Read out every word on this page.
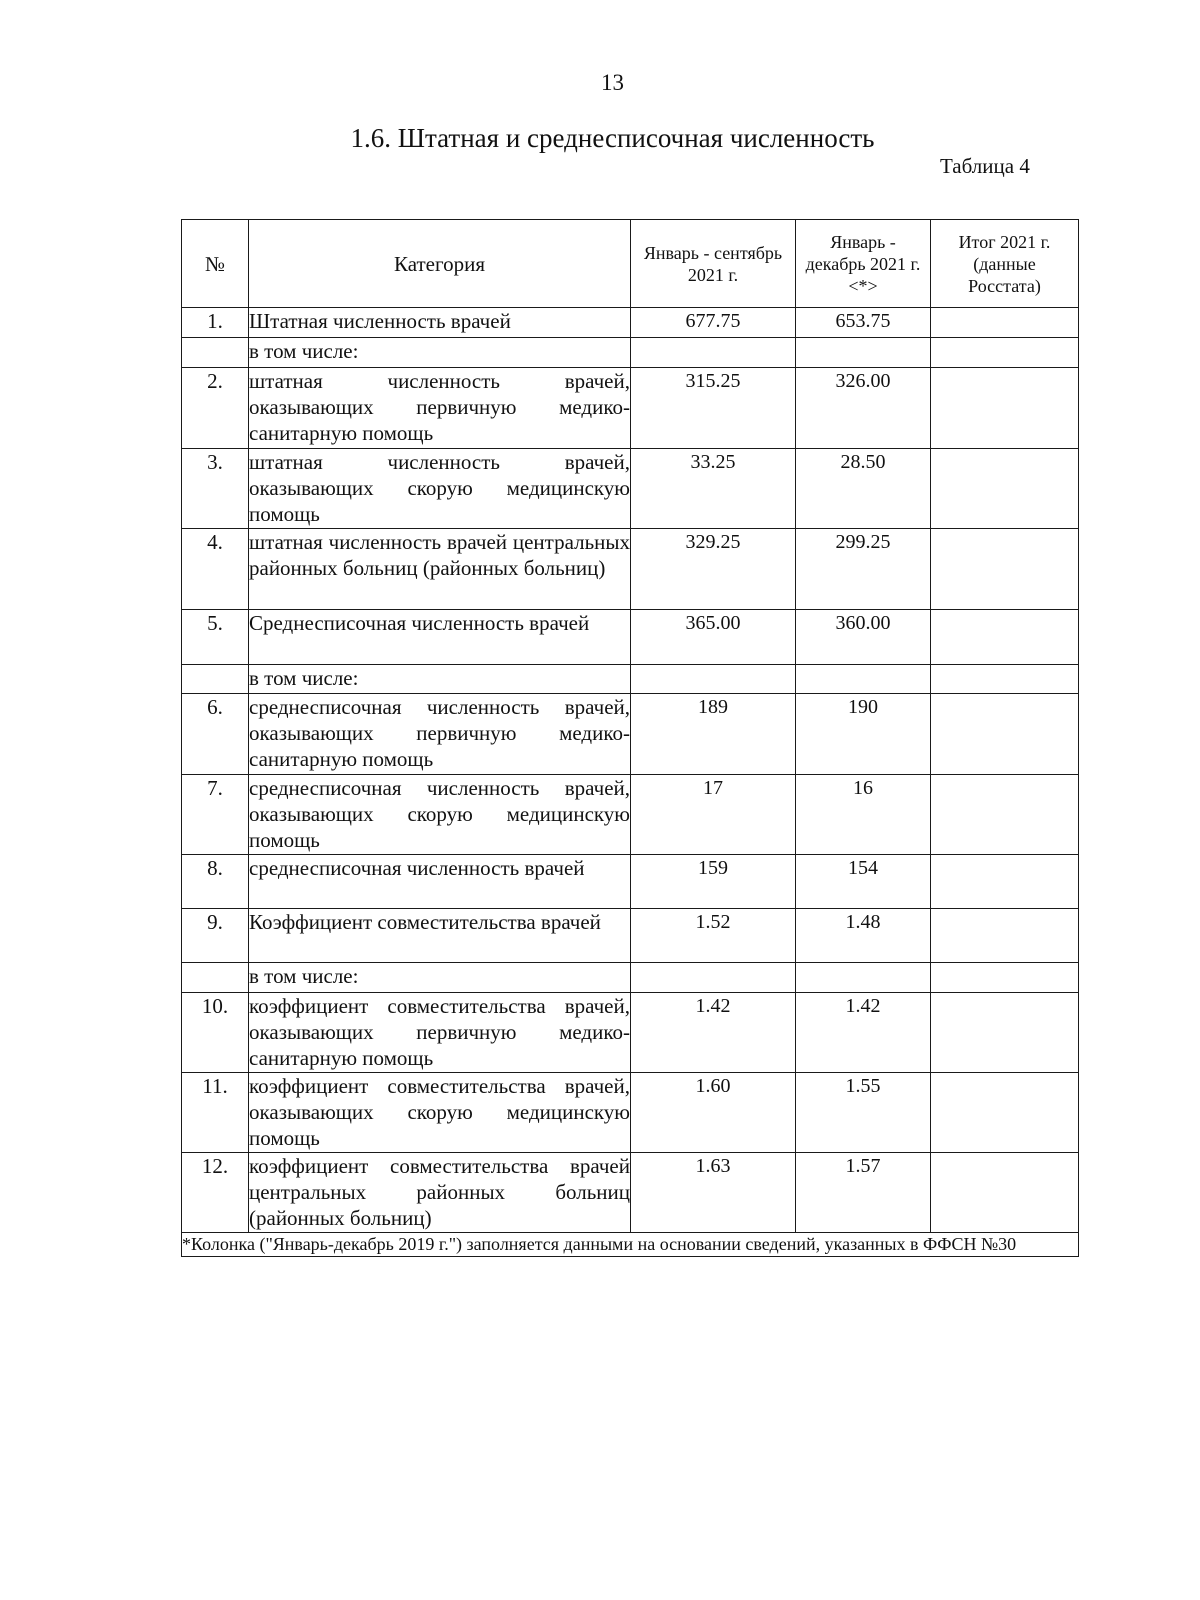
13
1.6. Штатная и среднесписочная численность
Таблица 4
№	Категория	Январь - сентябрь 2021 г.	Январь - декабрь 2021 г. <*>	Итог 2021 г. (данные Росстата)
1.	Штатная численность врачей	677.75	653.75	
	в том числе:			
2.	штатная численность врачей, оказывающих первичную медико-санитарную помощь	315.25	326.00	
3.	штатная численность врачей, оказывающих скорую медицинскую помощь	33.25	28.50	
4.	штатная численность врачей центральных районных больниц (районных больниц)	329.25	299.25	
5.	Среднесписочная численность врачей	365.00	360.00	
	в том числе:			
6.	среднесписочная численность врачей, оказывающих первичную медико-санитарную помощь	189	190	
7.	среднесписочная численность врачей, оказывающих скорую медицинскую помощь	17	16	
8.	среднесписочная численность врачей	159	154	
9.	Коэффициент совместительства врачей	1.52	1.48	
	в том числе:			
10.	коэффициент совместительства врачей, оказывающих первичную медико-санитарную помощь	1.42	1.42	
11.	коэффициент совместительства врачей, оказывающих скорую медицинскую помощь	1.60	1.55	
12.	коэффициент совместительства врачей центральных районных больниц (районных больниц)	1.63	1.57	
*Колонка ("Январь-декабрь 2019 г.") заполняется данными на основании сведений, указанных в ФФСН №30				
